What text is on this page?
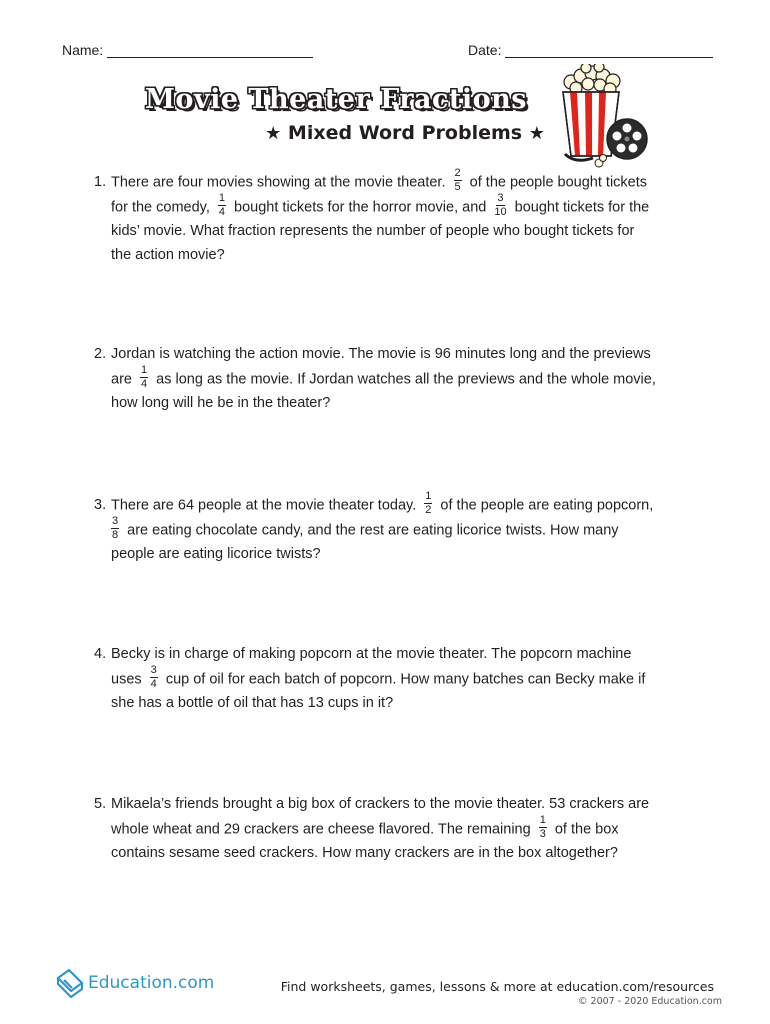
Name:	Date:
Movie Theater Fractions
★ Mixed Word Problems ★
1. There are four movies showing at the movie theater. $\frac{2}{5}$ of the people bought tickets
for the comedy, $\frac{1}{4}$ bought tickets for the horror movie, and $\frac{3}{10}$ bought tickets for the
kids’ movie. What fraction represents the number of people who bought tickets for
the action movie?
2. Jordan is watching the action movie. The movie is 96 minutes long and the previews
are $\frac{1}{4}$ as long as the movie. If Jordan watches all the previews and the whole movie,
how long will he be in the theater?
3. There are 64 people at the movie theater today. $\frac{1}{2}$ of the people are eating popcorn,
$\frac{3}{8}$ are eating chocolate candy, and the rest are eating licorice twists. How many
people are eating licorice twists?
4. Becky is in charge of making popcorn at the movie theater. The popcorn machine
uses $\frac{3}{4}$ cup of oil for each batch of popcorn. How many batches can Becky make if
she has a bottle of oil that has 13 cups in it?
5. Mikaela’s friends brought a big box of crackers to the movie theater. 53 crackers are
whole wheat and 29 crackers are cheese flavored. The remaining $\frac{1}{3}$ of the box
contains sesame seed crackers. How many crackers are in the box altogether?
Education.com	Find worksheets, games, lessons & more at education.com/resources
© 2007 - 2020 Education.com
